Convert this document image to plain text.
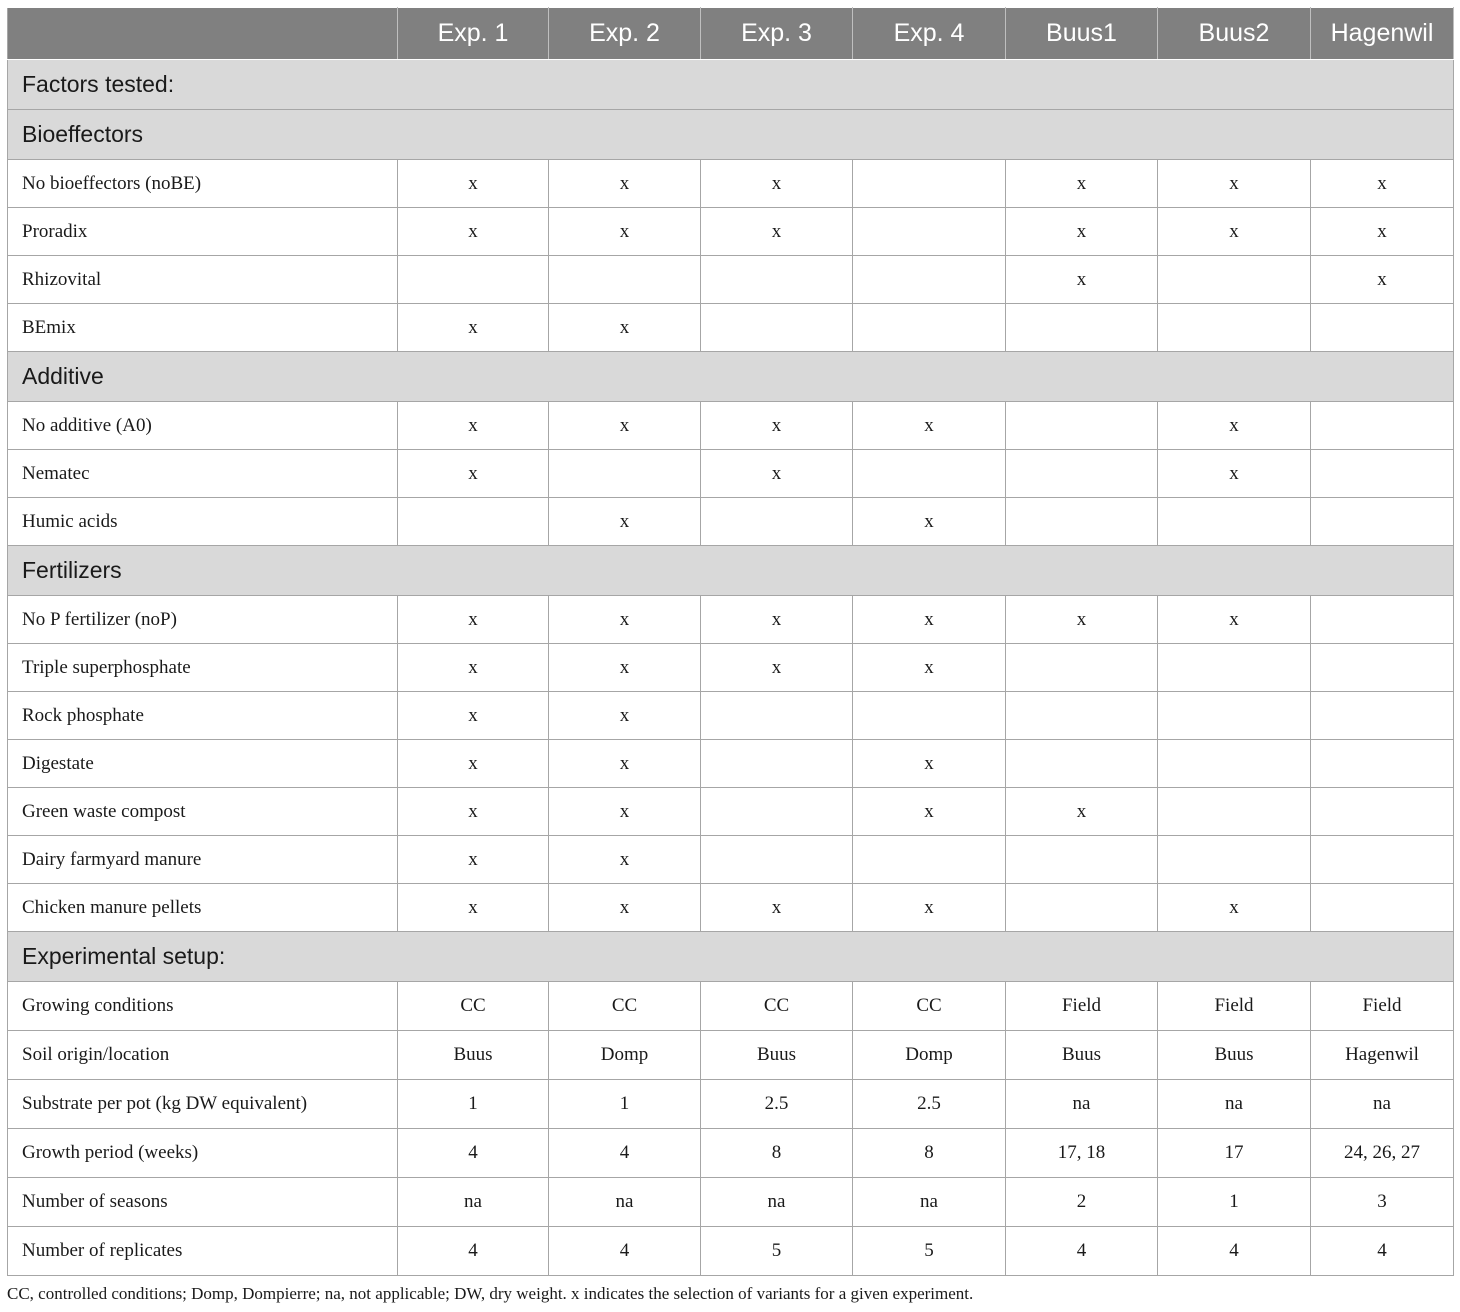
	Exp. 1	Exp. 2	Exp. 3	Exp. 4	Buus1	Buus2	Hagenwil
Factors tested:							
Bioeffectors							
No bioeffectors (noBE)	x	x	x		x	x	x
Proradix	x	x	x		x	x	x
Rhizovital					x		x
BEmix	x	x					
Additive							
No additive (A0)	x	x	x	x		x	
Nematec	x		x			x	
Humic acids		x		x			
Fertilizers							
No P fertilizer (noP)	x	x	x	x	x	x	
Triple superphosphate	x	x	x	x			
Rock phosphate	x	x					
Digestate	x	x		x			
Green waste compost	x	x		x	x		
Dairy farmyard manure	x	x					
Chicken manure pellets	x	x	x	x		x	
Experimental setup:							
Growing conditions	CC	CC	CC	CC	Field	Field	Field
Soil origin/location	Buus	Domp	Buus	Domp	Buus	Buus	Hagenwil
Substrate per pot (kg DW equivalent)	1	1	2.5	2.5	na	na	na
Growth period (weeks)	4	4	8	8	17, 18	17	24, 26, 27
Number of seasons	na	na	na	na	2	1	3
Number of replicates	4	4	5	5	4	4	4
CC, controlled conditions; Domp, Dompierre; na, not applicable; DW, dry weight. x indicates the selection of variants for a given experiment.
